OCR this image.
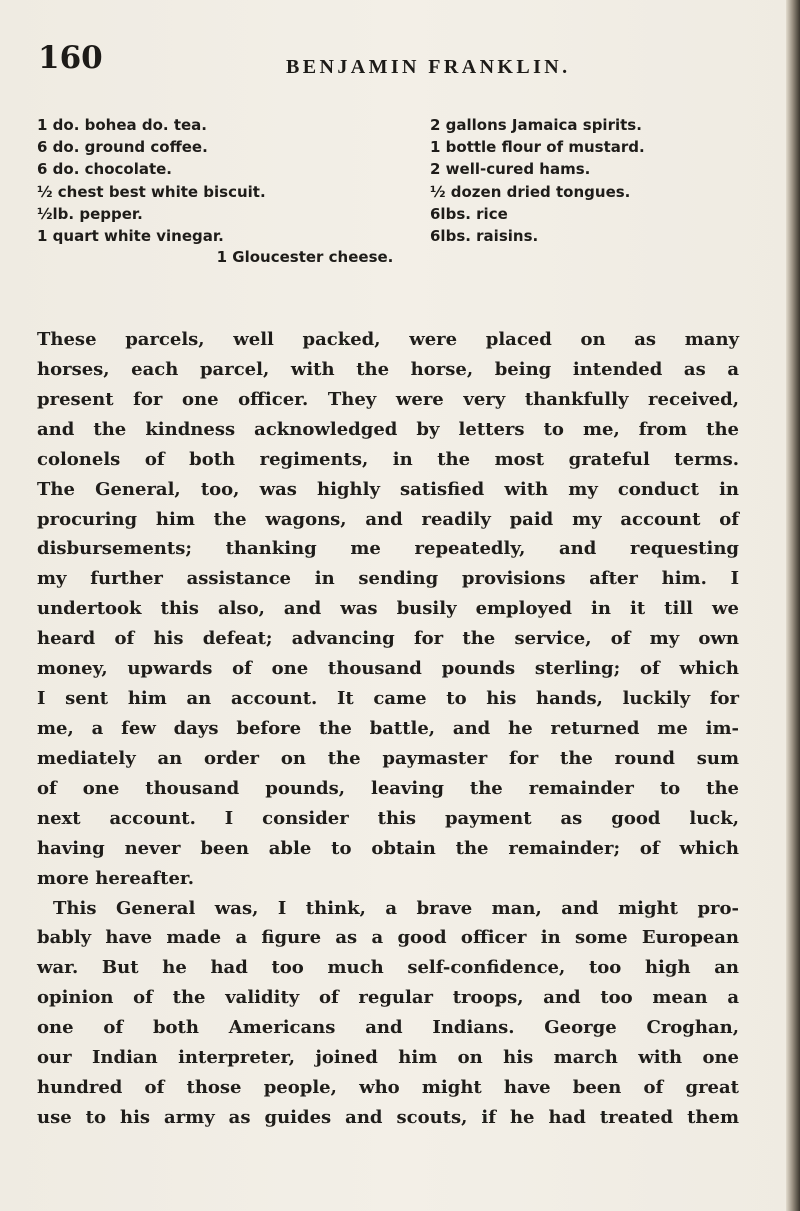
160	BENJAMIN FRANKLIN.
1 do. bohea do. tea.
6 do. ground coffee.
6 do. chocolate.
½ chest best white biscuit.
½lb. pepper.
1 quart white vinegar.
2 gallons Jamaica spirits.
1 bottle flour of mustard.
2 well-cured hams.
½ dozen dried tongues.
6lbs. rice
6lbs. raisins.
1 Gloucester cheese.
These parcels, well packed, were placed on as many
horses, each parcel, with the horse, being intended as a
present for one officer. They were very thankfully received,
and the kindness acknowledged by letters to me, from the
colonels of both regiments, in the most grateful terms.
The General, too, was highly satisfied with my conduct in
procuring him the wagons, and readily paid my account of
disbursements; thanking me repeatedly, and requesting
my further assistance in sending provisions after him. I
undertook this also, and was busily employed in it till we
heard of his defeat; advancing for the service, of my own
money, upwards of one thousand pounds sterling; of which
I sent him an account. It came to his hands, luckily for
me, a few days before the battle, and he returned me im-
mediately an order on the paymaster for the round sum
of one thousand pounds, leaving the remainder to the
next account. I consider this payment as good luck,
having never been able to obtain the remainder; of which
more hereafter.
This General was, I think, a brave man, and might pro-
bably have made a figure as a good officer in some European
war. But he had too much self-confidence, too high an
opinion of the validity of regular troops, and too mean a
one of both Americans and Indians. George Croghan,
our Indian interpreter, joined him on his march with one
hundred of those people, who might have been of great
use to his army as guides and scouts, if he had treated them
